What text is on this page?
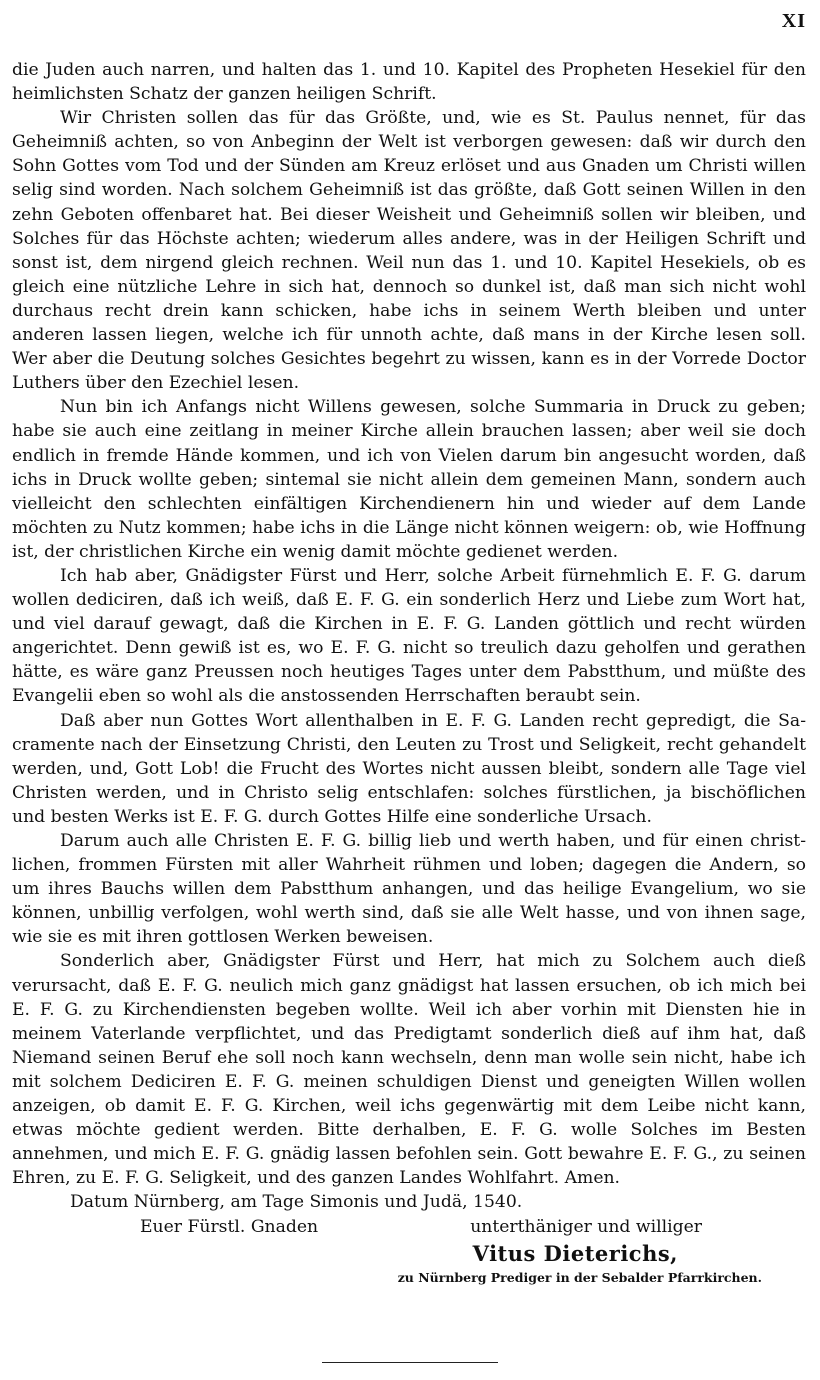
XI

die Juden auch narren, und halten das 1. und 10. Kapitel des Propheten Hesekiel für den heimlichsten Schatz der ganzen heiligen Schrift.

Wir Christen sollen das für das Größte, und, wie es St. Paulus nennet, für das Geheimniß achten, so von Anbeginn der Welt ist verborgen gewesen: daß wir durch den Sohn Gottes vom Tod und der Sünden am Kreuz erlöset und aus Gnaden um Christi willen selig sind worden. Nach solchem Geheimniß ist das größte, daß Gott seinen Willen in den zehn Geboten offenbaret hat. Bei dieser Weisheit und Geheimniß sollen wir bleiben, und Solches für das Höchste achten; wiederum alles andere, was in der Heiligen Schrift und sonst ist, dem nirgend gleich rechnen. Weil nun das 1. und 10. Kapitel Hesekiels, ob es gleich eine nützliche Lehre in sich hat, dennoch so dunkel ist, daß man sich nicht wohl durchaus recht drein kann schicken, habe ichs in seinem Werth bleiben und unter anderen lassen liegen, welche ich für unnoth achte, daß mans in der Kirche lesen soll. Wer aber die Deutung solches Gesichtes begehrt zu wissen, kann es in der Vorrede Doctor Luthers über den Ezechiel lesen.

Nun bin ich Anfangs nicht Willens gewesen, solche Summaria in Druck zu geben; habe sie auch eine zeitlang in meiner Kirche allein brauchen lassen; aber weil sie doch endlich in fremde Hände kommen, und ich von Vielen darum bin angesucht worden, daß ichs in Druck wollte geben; sintemal sie nicht allein dem gemeinen Mann, sondern auch vielleicht den schlechten einfältigen Kirchendienern hin und wieder auf dem Lande möchten zu Nutz kommen; habe ichs in die Länge nicht können weigern: ob, wie Hoffnung ist, der christlichen Kirche ein wenig damit möchte gedienet werden.

Ich hab aber, Gnädigster Fürst und Herr, solche Arbeit fürnehmlich E. F. G. darum wollen dediciren, daß ich weiß, daß E. F. G. ein sonderlich Herz und Liebe zum Wort hat, und viel darauf gewagt, daß die Kirchen in E. F. G. Landen göttlich und recht würden angerichtet. Denn gewiß ist es, wo E. F. G. nicht so treulich dazu geholfen und gerathen hätte, es wäre ganz Preussen noch heutiges Tages unter dem Pabstthum, und müßte des Evangelii eben so wohl als die anstossenden Herrschaften beraubt sein.

Daß aber nun Gottes Wort allenthalben in E. F. G. Landen recht gepredigt, die Sacramente nach der Einsetzung Christi, den Leuten zu Trost und Seligkeit, recht gehandelt werden, und, Gott Lob! die Frucht des Wortes nicht aussen bleibt, sondern alle Tage viel Christen werden, und in Christo selig entschlafen: solches fürstlichen, ja bischöflichen und besten Werks ist E. F. G. durch Gottes Hilfe eine sonderliche Ursach.

Darum auch alle Christen E. F. G. billig lieb und werth haben, und für einen christlichen, frommen Fürsten mit aller Wahrheit rühmen und loben; dagegen die Andern, so um ihres Bauchs willen dem Pabstthum anhangen, und das heilige Evangelium, wo sie können, unbillig verfolgen, wohl werth sind, daß sie alle Welt hasse, und von ihnen sage, wie sie es mit ihren gottlosen Werken beweisen.

Sonderlich aber, Gnädigster Fürst und Herr, hat mich zu Solchem auch dieß verursacht, daß E. F. G. neulich mich ganz gnädigst hat lassen ersuchen, ob ich mich bei E. F. G. zu Kirchendiensten begeben wollte. Weil ich aber vorhin mit Diensten hie in meinem Vaterlande verpflichtet, und das Predigtamt sonderlich dieß auf ihm hat, daß Niemand seinen Beruf ehe soll noch kann wechseln, denn man wolle sein nicht, habe ich mit solchem Dediciren E. F. G. meinen schuldigen Dienst und geneigten Willen wollen anzeigen, ob damit E. F. G. Kirchen, weil ichs gegenwärtig mit dem Leibe nicht kann, etwas möchte gedient werden. Bitte derhalben, E. F. G. wolle Solches im Besten annehmen, und mich E. F. G. gnädig lassen befohlen sein. Gott bewahre E. F. G., zu seinen Ehren, zu E. F. G. Seligkeit, und des ganzen Landes Wohlfahrt. Amen.

Datum Nürnberg, am Tage Simonis und Judä, 1540.
Euer Fürstl. Gnaden	unterthäniger und williger
Vitus Dieterichs,
zu Nürnberg Prediger in der Sebalder Pfarrkirchen.
